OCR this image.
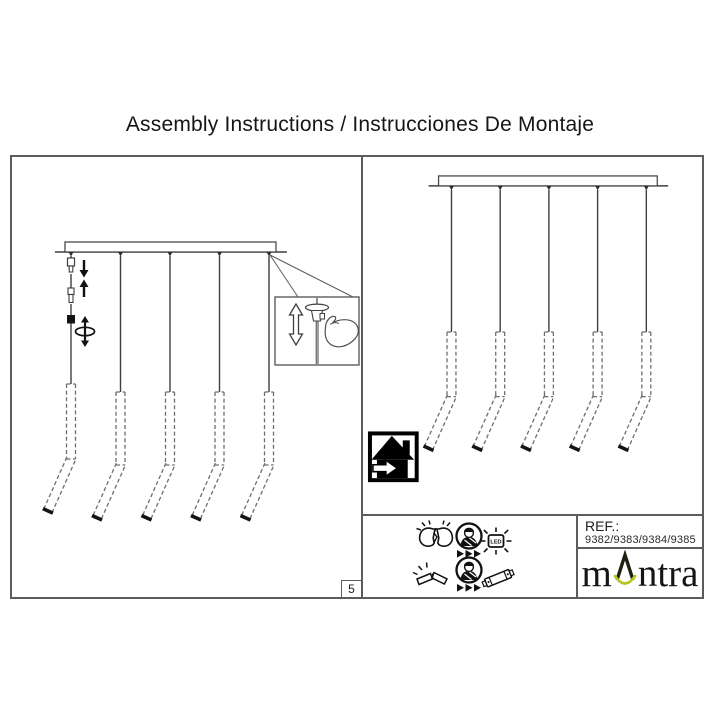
Assembly Instructions / Instrucciones De Montaje
5
LED
REF.:
9382/9383/9384/9385
m ntra
